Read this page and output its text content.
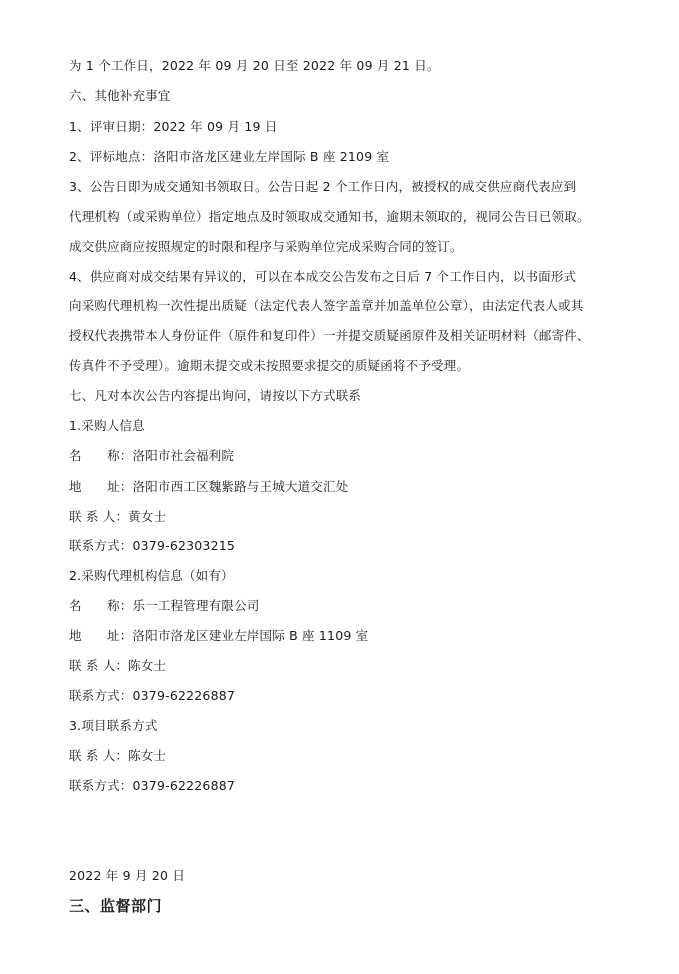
为 1 个工作日，2022 年 09 月 20 日至 2022 年 09 月 21 日。
六、其他补充事宜
1、评审日期：2022 年 09 月 19 日
2、评标地点：洛阳市洛龙区建业左岸国际 B 座 2109 室
3、公告日即为成交通知书领取日。公告日起 2 个工作日内，被授权的成交供应商代表应到
代理机构（或采购单位）指定地点及时领取成交通知书，逾期未领取的，视同公告日已领取。
成交供应商应按照规定的时限和程序与采购单位完成采购合同的签订。
4、供应商对成交结果有异议的，可以在本成交公告发布之日后 7 个工作日内，以书面形式
向采购代理机构一次性提出质疑（法定代表人签字盖章并加盖单位公章），由法定代表人或其
授权代表携带本人身份证件（原件和复印件）一并提交质疑函原件及相关证明材料（邮寄件、
传真件不予受理）。逾期未提交或未按照要求提交的质疑函将不予受理。
七、凡对本次公告内容提出询问，请按以下方式联系
1.采购人信息
名　　称：洛阳市社会福利院
地　　址：洛阳市西工区魏紫路与王城大道交汇处
联 系 人：黄女士
联系方式：0379-62303215
2.采购代理机构信息（如有）
名　　称：乐一工程管理有限公司
地　　址：洛阳市洛龙区建业左岸国际 B 座 1109 室
联 系 人：陈女士
联系方式：0379-62226887
3.项目联系方式
联 系 人：陈女士
联系方式：0379-62226887
2022 年 9 月 20 日
三、监督部门
